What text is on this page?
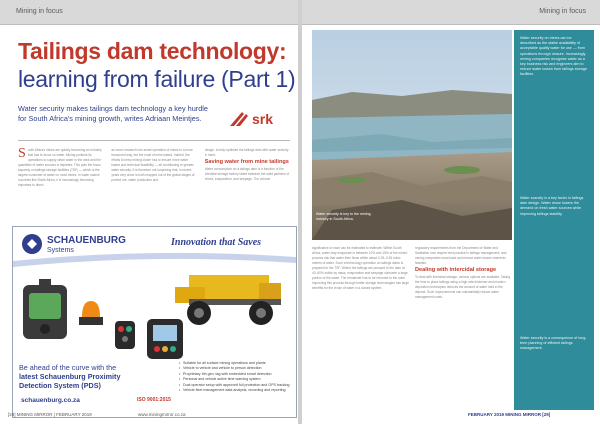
Mining in focus
Tailings dam technology:
learning from failure (Part 1)
Water security makes tailings dam technology a key hurdle for South Africa's mining growth, writes Adriaan Meintjes.	srk
S outh Africa's mines are quickly becoming an industry that has to focus on water. Mining protects its operations to supply clean water in the area and the quantities of water sources is depleted. This puts the focus squarely on tailings storage facilities (TSF) — which is the largest consumer of water on most mines. In water scarce countries like South Africa, it is increasingly becoming important to direct
as much research into smart operation of mines in a more resourced way, but the most of mine based. Indeed, the efforts to keep mining closer has to ensure more water based and technical feasibility — all contributing to greater water security. It is therefore not surprising that, in recent years very close is both mapped out of the global stages of protect ore, water production and
design, to help optimise the tailings dam with water security in mind.
Saving water from mine tailings
Water consumption on a tailings dam is a function of the intertidal storage factory failed between the solid particles of mines, evaporation, and seepage. The volume
SCHAUENBURG
Systems
Innovation that Saves
Be ahead of the curve with the
latest Schauenburg Proximity
Detection System (PDS)
• Suitable for all surface mining operations and plants
• Vehicle to vehicle and vehicle to person detection
• Proprietary 4th gen. tag with embedded smart detection
• Personal and vehicle active time warning system
• Dual operator setup with approved full protection and GPS tracking
• Vehicle fleet management data analysis, recording and reporting
schauenburg.co.za	ISO 9001:2015
[28] MINING MIRROR | FEBRUARY 2019	www.miningmirror.co.za
Mining in focus
Water security is key to the mining industry in South Africa.
Water security on mines can be described as the stable availability of acceptable quality water for use — from operations through closure. Increasingly, mining companies recognise water as a key business risk and engineers aim to reduce water losses from tailings storage facilities.
Water scarcity is a key factor in tailings dam design. Water reuse lowers the demand on fresh water sources while improving tailings stability.
Water security is a consequence of long-term planning of efficient tailings management.
significance of each can be estimated to estimate. Within South Africa, water may evaporate in between 10% and 15% of the mines' process risk that water then flows within about 0.25–0.35 cubic metres of water. Such a technology operation on tailings dams is prepared in the TSF. Where the tailings are pumped to the dam at 40–60% solids by mass, evaporation and seepage consume a large portion of the water. The remainder has to be returned to the mine. Improving this process through better storage technologies has large benefits for the reuse of water in a closed system.
regulatory requirements from the Department of Water and Sanitation now require best practice in tailings management, and mining companies must track and reduce water losses wherever feasible.
Dealing with intercidal storage
To deal with intercidal storage, various options are available. Taking the time to place tailings using a high rate thickener and modern deposition techniques reduces the amount of water held in the deposit. Such improvements can substantially reduce water management costs.
FEBRUARY 2019 MINING MIRROR [29]
